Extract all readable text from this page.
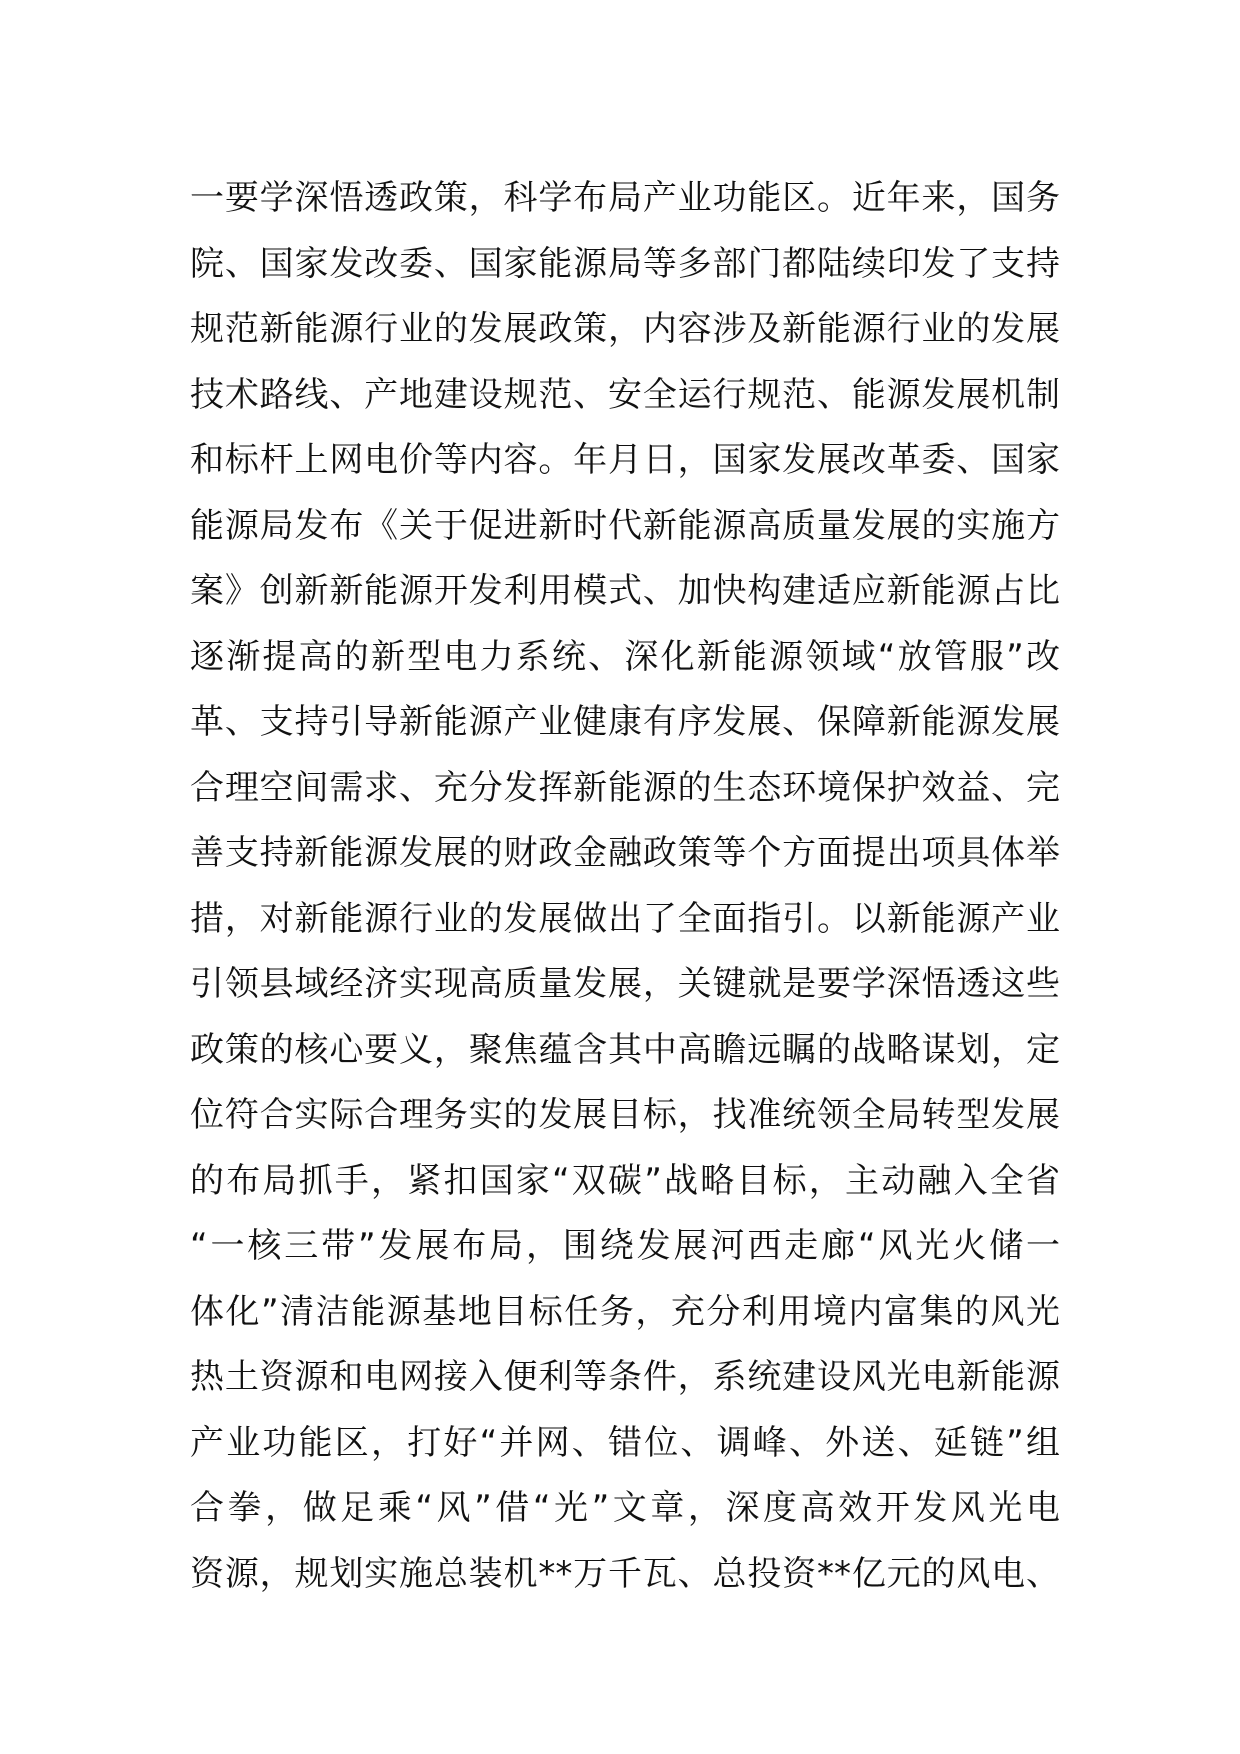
一要学深悟透政策，科学布局产业功能区。近年来，国务
院、国家发改委、国家能源局等多部门都陆续印发了支持
规范新能源行业的发展政策，内容涉及新能源行业的发展
技术路线、产地建设规范、安全运行规范、能源发展机制
和标杆上网电价等内容。年月日，国家发展改革委、国家
能源局发布《关于促进新时代新能源高质量发展的实施方
案》创新新能源开发利用模式、加快构建适应新能源占比
逐渐提高的新型电力系统、深化新能源领域“放管服”改
革、支持引导新能源产业健康有序发展、保障新能源发展
合理空间需求、充分发挥新能源的生态环境保护效益、完
善支持新能源发展的财政金融政策等个方面提出项具体举
措，对新能源行业的发展做出了全面指引。以新能源产业
引领县域经济实现高质量发展，关键就是要学深悟透这些
政策的核心要义，聚焦蕴含其中高瞻远瞩的战略谋划，定
位符合实际合理务实的发展目标，找准统领全局转型发展
的布局抓手，紧扣国家“双碳”战略目标，主动融入全省
“一核三带”发展布局，围绕发展河西走廊“风光火储一
体化”清洁能源基地目标任务，充分利用境内富集的风光
热土资源和电网接入便利等条件，系统建设风光电新能源
产业功能区，打好“并网、错位、调峰、外送、延链”组
合拳，做足乘“风”借“光”文章，深度高效开发风光电
资源，规划实施总装机**万千瓦、总投资**亿元的风电、
